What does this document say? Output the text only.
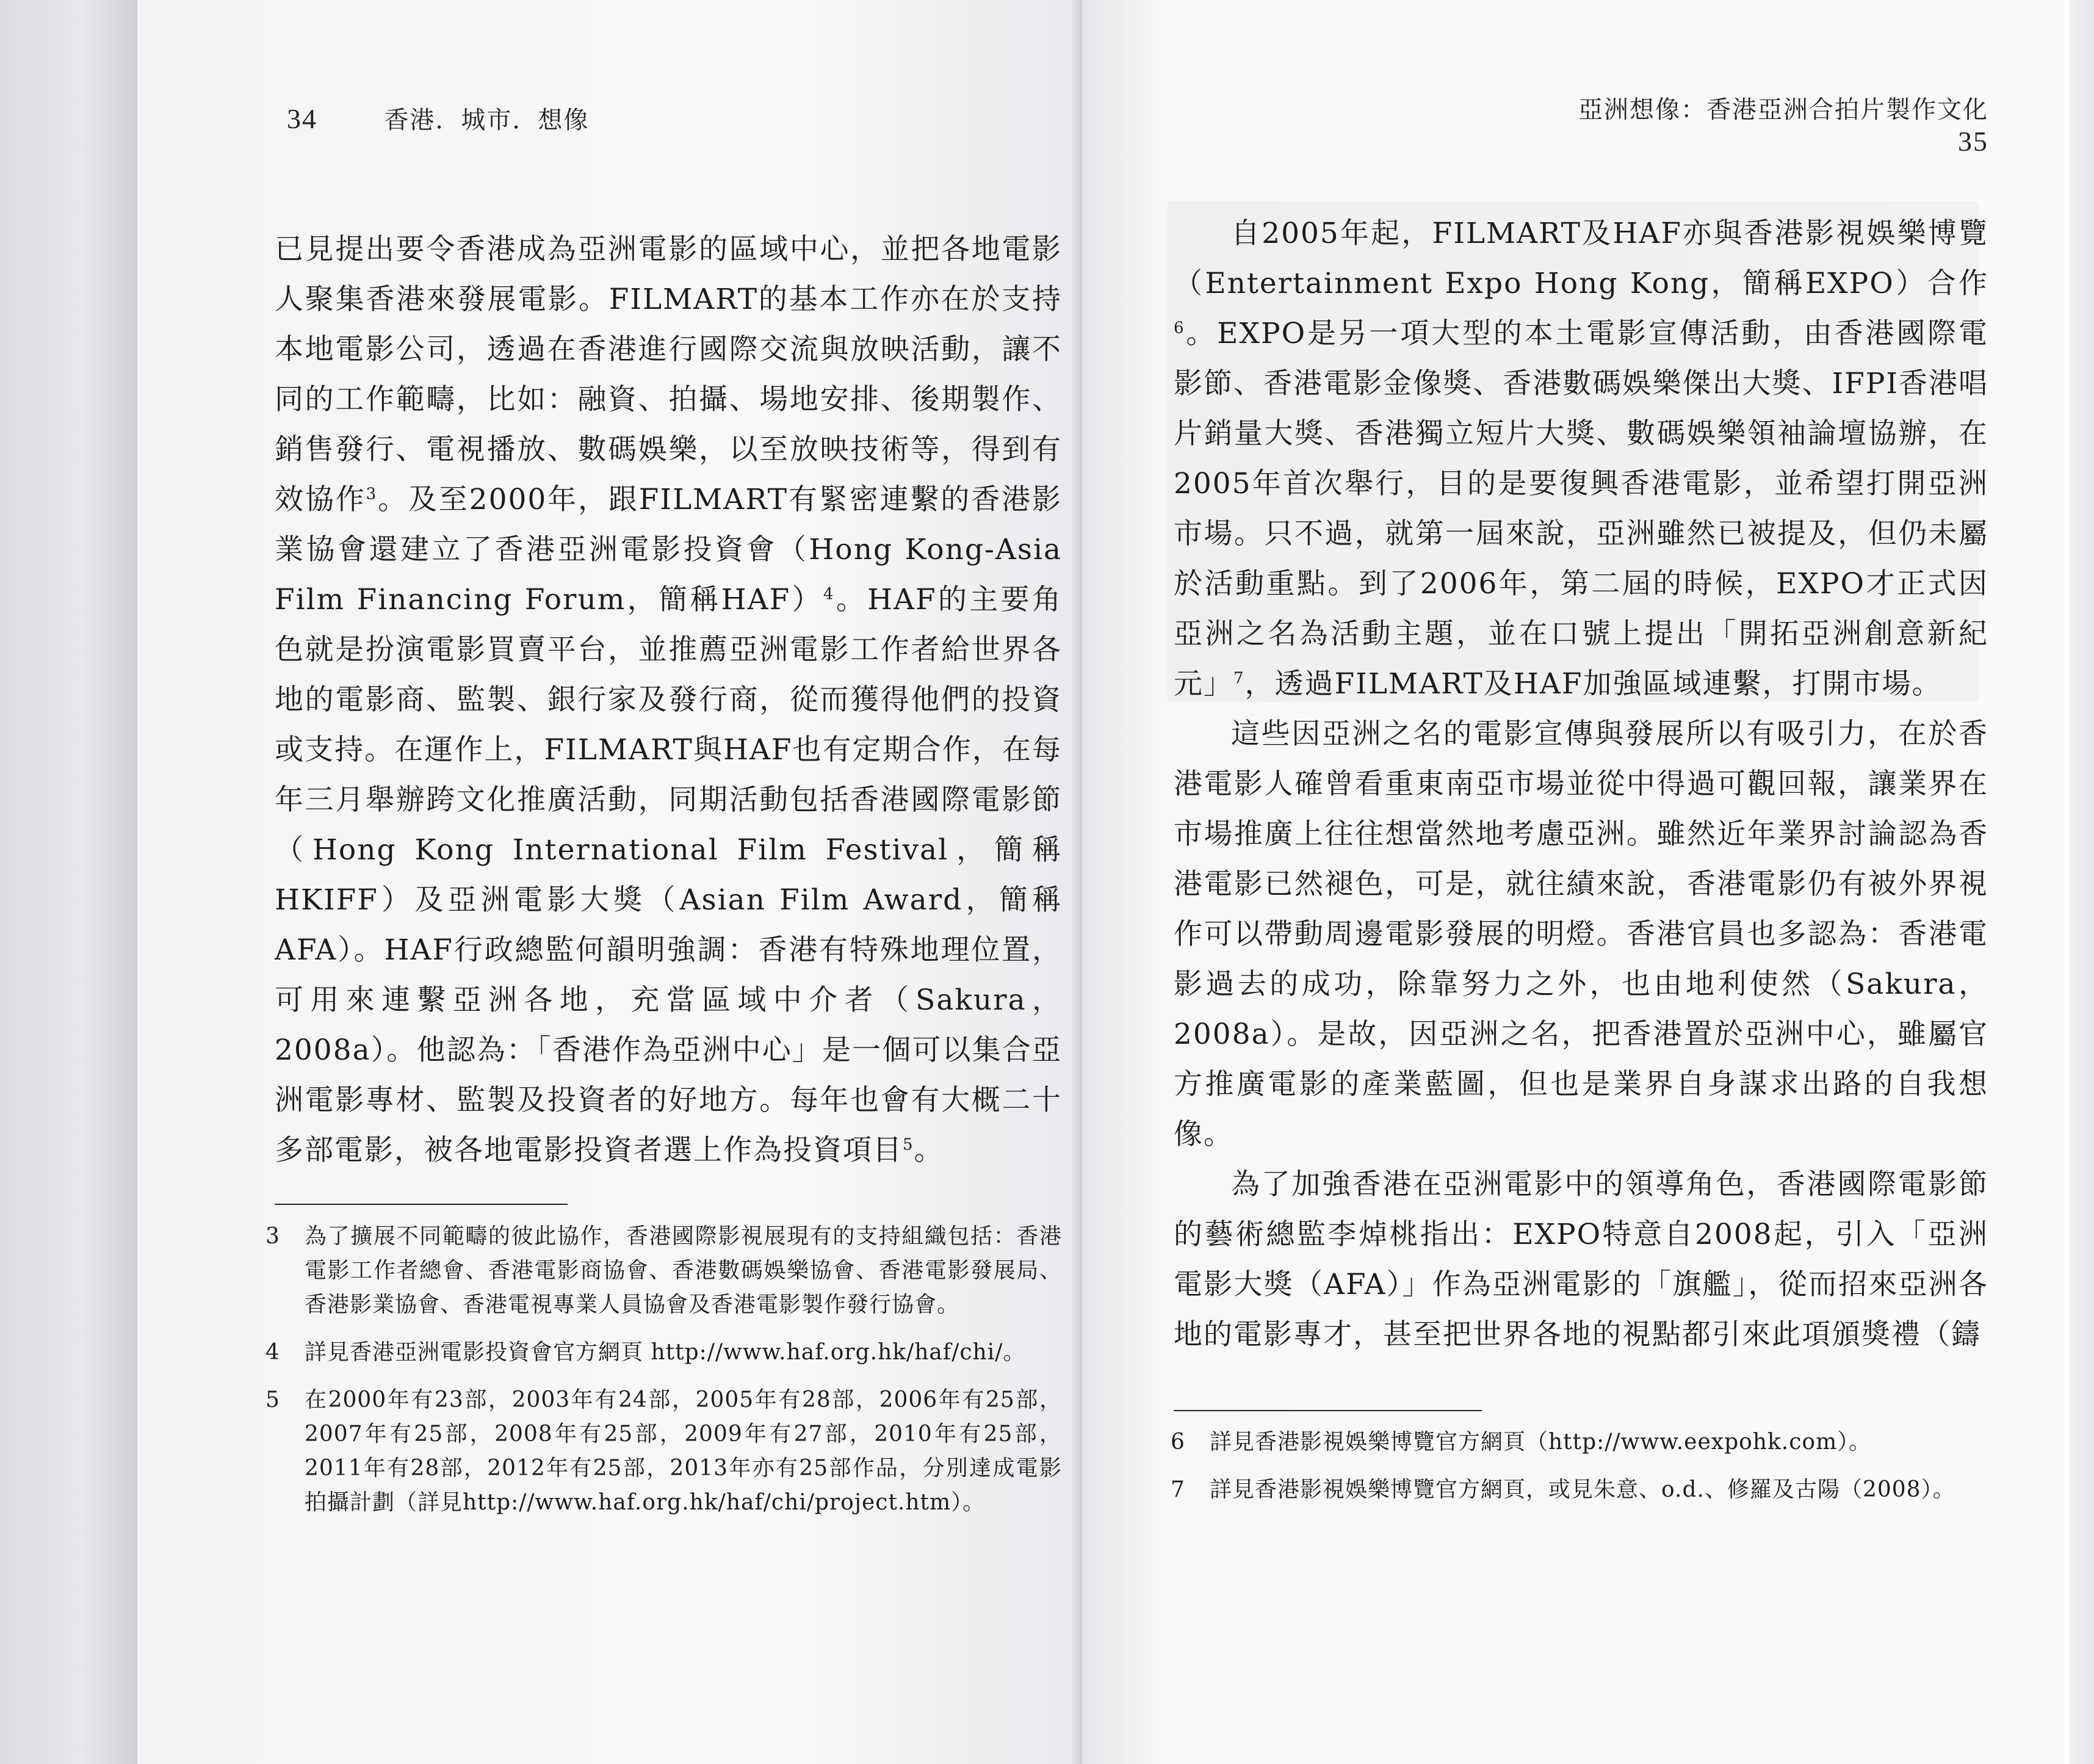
34	香港．城市．想像

已見提出要令香港成為亞洲電影的區域中心，並把各地電影人聚集香港來發展電影。FILMART的基本工作亦在於支持本地電影公司，透過在香港進行國際交流與放映活動，讓不同的工作範疇，比如：融資、拍攝、場地安排、後期製作、銷售發行、電視播放、數碼娛樂，以至放映技術等，得到有效協作$^3$。及至2000年，跟FILMART有緊密連繫的香港影業協會還建立了香港亞洲電影投資會（Hong Kong-Asia Film Financing Forum，簡稱HAF）$^4$。HAF的主要角色就是扮演電影買賣平台，並推薦亞洲電影工作者給世界各地的電影商、監製、銀行家及發行商，從而獲得他們的投資或支持。在運作上，FILMART與HAF也有定期合作，在每年三月舉辦跨文化推廣活動，同期活動包括香港國際電影節（Hong Kong International Film Festival，簡稱HKIFF）及亞洲電影大獎（Asian Film Award，簡稱AFA）。HAF行政總監何韻明強調：香港有特殊地理位置，可用來連繫亞洲各地，充當區域中介者（Sakura，2008a）。他認為：「香港作為亞洲中心」是一個可以集合亞洲電影專材、監製及投資者的好地方。每年也會有大概二十多部電影，被各地電影投資者選上作為投資項目$^5$。

3	為了擴展不同範疇的彼此協作，香港國際影視展現有的支持組織包括：香港電影工作者總會、香港電影商協會、香港數碼娛樂協會、香港電影發展局、香港影業協會、香港電視專業人員協會及香港電影製作發行協會。
4	詳見香港亞洲電影投資會官方網頁 http://www.haf.org.hk/haf/chi/。
5	在2000年有23部，2003年有24部，2005年有28部，2006年有25部，2007年有25部，2008年有25部，2009年有27部，2010年有25部，2011年有28部，2012年有25部，2013年亦有25部作品，分別達成電影拍攝計劃（詳見http://www.haf.org.hk/haf/chi/project.htm）。
亞洲想像：香港亞洲合拍片製作文化  35

自2005年起，FILMART及HAF亦與香港影視娛樂博覽（Entertainment Expo Hong Kong，簡稱EXPO）合作$^6$。EXPO是另一項大型的本土電影宣傳活動，由香港國際電影節、香港電影金像獎、香港數碼娛樂傑出大獎、IFPI香港唱片銷量大獎、香港獨立短片大獎、數碼娛樂領袖論壇協辦，在2005年首次舉行，目的是要復興香港電影，並希望打開亞洲市場。只不過，就第一屆來說，亞洲雖然已被提及，但仍未屬於活動重點。到了2006年，第二屆的時候，EXPO才正式因亞洲之名為活動主題，並在口號上提出「開拓亞洲創意新紀元」$^7$，透過FILMART及HAF加強區域連繫，打開市場。

這些因亞洲之名的電影宣傳與發展所以有吸引力，在於香港電影人確曾看重東南亞市場並從中得過可觀回報，讓業界在市場推廣上往往想當然地考慮亞洲。雖然近年業界討論認為香港電影已然褪色，可是，就往績來說，香港電影仍有被外界視作可以帶動周邊電影發展的明燈。香港官員也多認為：香港電影過去的成功，除靠努力之外，也由地利使然（Sakura，2008a）。是故，因亞洲之名，把香港置於亞洲中心，雖屬官方推廣電影的產業藍圖，但也是業界自身謀求出路的自我想像。

為了加強香港在亞洲電影中的領導角色，香港國際電影節的藝術總監李焯桃指出：EXPO特意自2008起，引入「亞洲電影大獎（AFA）」作為亞洲電影的「旗艦」，從而招來亞洲各地的電影專才，甚至把世界各地的視點都引來此項頒獎禮（鑄

6	詳見香港影視娛樂博覽官方網頁（http://www.eexpohk.com）。
7	詳見香港影視娛樂博覽官方網頁，或見朱意、o.d.、修羅及古陽（2008）。
